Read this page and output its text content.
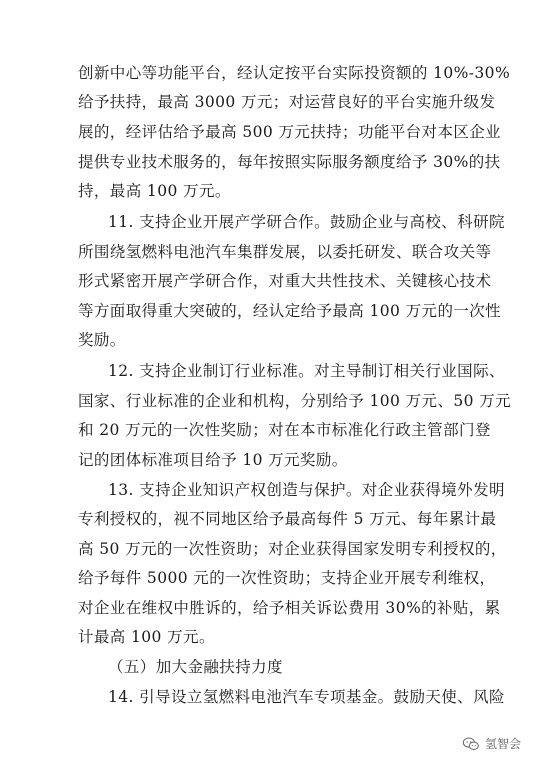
创新中心等功能平台，经认定按平台实际投资额的 10%-30%
给予扶持，最高 3000 万元；对运营良好的平台实施升级发
展的，经评估给予最高 500 万元扶持；功能平台对本区企业
提供专业技术服务的，每年按照实际服务额度给予 30%的扶
持，最高 100 万元。
11. 支持企业开展产学研合作。鼓励企业与高校、科研院
所围绕氢燃料电池汽车集群发展，以委托研发、联合攻关等
形式紧密开展产学研合作，对重大共性技术、关键核心技术
等方面取得重大突破的，经认定给予最高 100 万元的一次性
奖励。
12. 支持企业制订行业标准。对主导制订相关行业国际、
国家、行业标准的企业和机构，分别给予 100 万元、50 万元
和 20 万元的一次性奖励；对在本市标准化行政主管部门登
记的团体标准项目给予 10 万元奖励。
13. 支持企业知识产权创造与保护。对企业获得境外发明
专利授权的，视不同地区给予最高每件 5 万元、每年累计最
高 50 万元的一次性资助；对企业获得国家发明专利授权的，
给予每件 5000 元的一次性资助；支持企业开展专利维权，
对企业在维权中胜诉的，给予相关诉讼费用 30%的补贴，累
计最高 100 万元。
（五）加大金融扶持力度
14. 引导设立氢燃料电池汽车专项基金。鼓励天使、风险
氢智会
